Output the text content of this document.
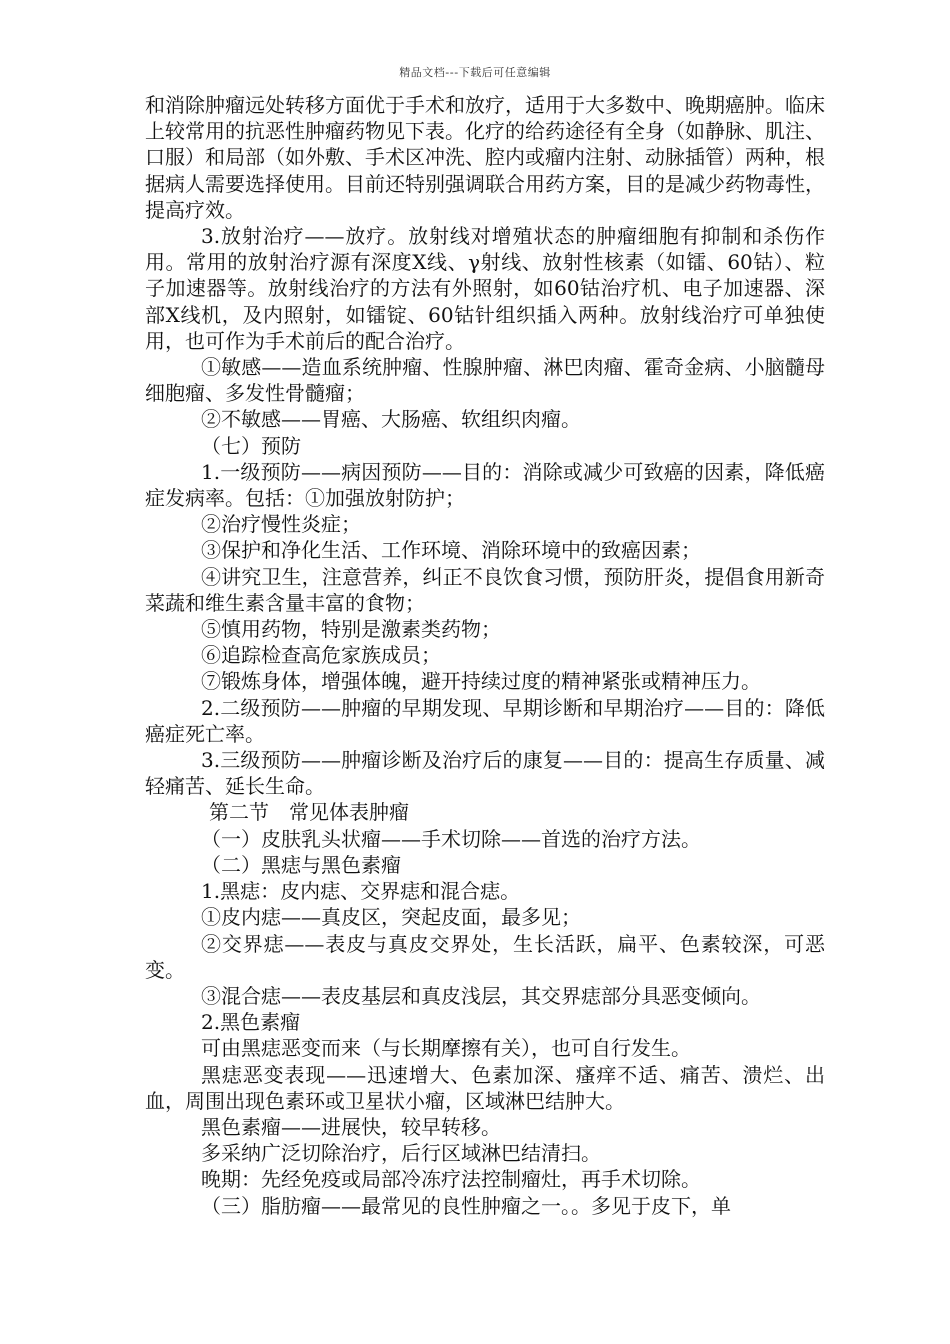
精品文档---下载后可任意编辑

和消除肿瘤远处转移方面优于手术和放疗，适用于大多数中、晚期癌肿。临床上较常用的抗恶性肿瘤药物见下表。化疗的给药途径有全身（如静脉、肌注、口服）和局部（如外敷、手术区冲洗、腔内或瘤内注射、动脉插管）两种，根据病人需要选择使用。目前还特别强调联合用药方案，目的是减少药物毒性，提高疗效。

3.放射治疗——放疗。放射线对增殖状态的肿瘤细胞有抑制和杀伤作用。常用的放射治疗源有深度X线、γ射线、放射性核素（如镭、60钴）、粒子加速器等。放射线治疗的方法有外照射，如60钴治疗机、电子加速器、深部X线机，及内照射，如镭锭、60钴针组织插入两种。放射线治疗可单独使用，也可作为手术前后的配合治疗。

①敏感——造血系统肿瘤、性腺肿瘤、淋巴肉瘤、霍奇金病、小脑髓母细胞瘤、多发性骨髓瘤；

②不敏感——胃癌、大肠癌、软组织肉瘤。

（七）预防

1.一级预防——病因预防——目的：消除或减少可致癌的因素，降低癌症发病率。包括：①加强放射防护；

②治疗慢性炎症；

③保护和净化生活、工作环境、消除环境中的致癌因素；

④讲究卫生，注意营养，纠正不良饮食习惯，预防肝炎，提倡食用新奇菜蔬和维生素含量丰富的食物；

⑤慎用药物，特别是激素类药物；

⑥追踪检查高危家族成员；

⑦锻炼身体，增强体魄，避开持续过度的精神紧张或精神压力。

2.二级预防——肿瘤的早期发现、早期诊断和早期治疗——目的：降低癌症死亡率。

3.三级预防——肿瘤诊断及治疗后的康复——目的：提高生存质量、减轻痛苦、延长生命。

第二节　常见体表肿瘤

（一）皮肤乳头状瘤——手术切除——首选的治疗方法。

（二）黑痣与黑色素瘤

1.黑痣：皮内痣、交界痣和混合痣。

①皮内痣——真皮区，突起皮面，最多见；

②交界痣——表皮与真皮交界处，生长活跃，扁平、色素较深，可恶变。

③混合痣——表皮基层和真皮浅层，其交界痣部分具恶变倾向。

2.黑色素瘤

可由黑痣恶变而来（与长期摩擦有关），也可自行发生。

黑痣恶变表现——迅速增大、色素加深、瘙痒不适、痛苦、溃烂、出血，周围出现色素环或卫星状小瘤，区域淋巴结肿大。

黑色素瘤——进展快，较早转移。

多采纳广泛切除治疗，后行区域淋巴结清扫。

晚期：先经免疫或局部冷冻疗法控制瘤灶，再手术切除。

（三）脂肪瘤——最常见的良性肿瘤之一。。多见于皮下，单
